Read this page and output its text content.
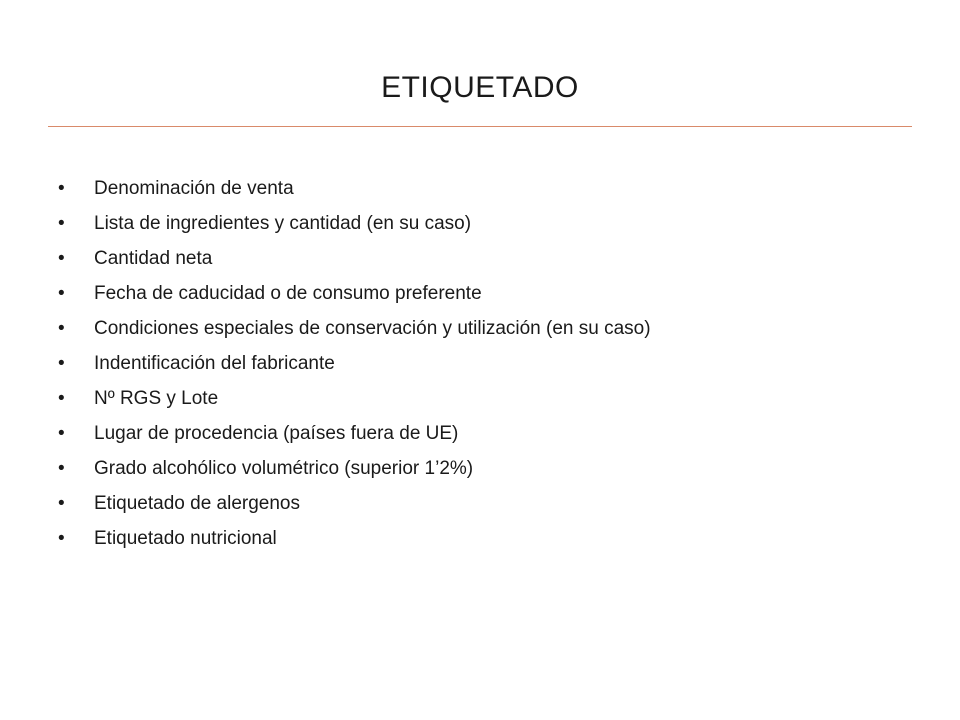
ETIQUETADO
•	Denominación de venta
•	Lista de ingredientes y cantidad (en su caso)
•	Cantidad neta
•	Fecha de caducidad o de consumo preferente
•	Condiciones especiales de conservación y utilización (en su caso)
•	Indentificación del fabricante
•	Nº RGS y Lote
•	Lugar de procedencia (países fuera de UE)
•	Grado alcohólico volumétrico (superior 1’2%)
•	Etiquetado de alergenos
•	Etiquetado nutricional
